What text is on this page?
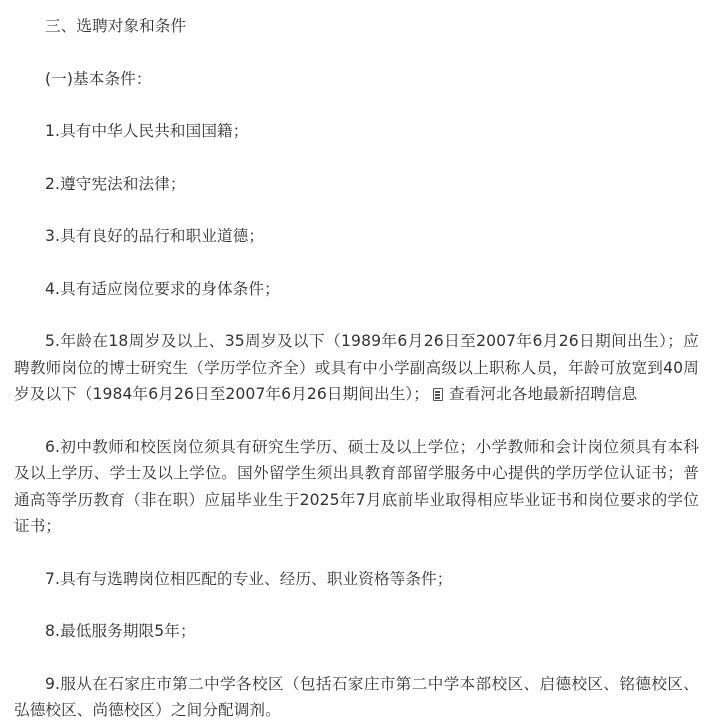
三、选聘对象和条件

(一)基本条件：

1.具有中华人民共和国国籍；

2.遵守宪法和法律；

3.具有良好的品行和职业道德；

4.具有适应岗位要求的身体条件；

5.年龄在18周岁及以上、35周岁及以下（1989年6月26日至2007年6月26日期间出生）；应聘教师岗位的博士研究生（学历学位齐全）或具有中小学副高级以上职称人员，年龄可放宽到40周岁及以下（1984年6月26日至2007年6月26日期间出生）； 查看河北各地最新招聘信息

6.初中教师和校医岗位须具有研究生学历、硕士及以上学位；小学教师和会计岗位须具有本科及以上学历、学士及以上学位。国外留学生须出具教育部留学服务中心提供的学历学位认证书；普通高等学历教育（非在职）应届毕业生于2025年7月底前毕业取得相应毕业证书和岗位要求的学位证书；

7.具有与选聘岗位相匹配的专业、经历、职业资格等条件；

8.最低服务期限5年；

9.服从在石家庄市第二中学各校区（包括石家庄市第二中学本部校区、启德校区、铭德校区、弘德校区、尚德校区）之间分配调剂。
